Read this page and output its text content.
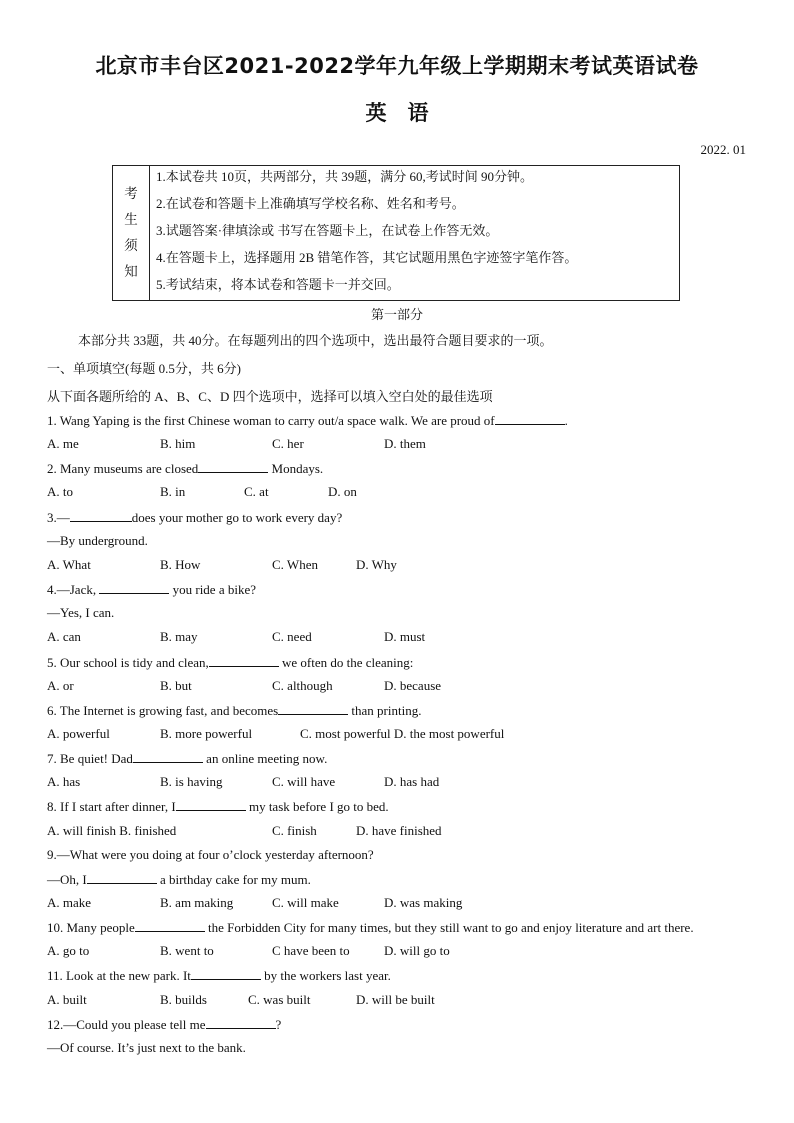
北京市丰台区2021-2022学年九年级上学期期末考试英语试卷
英　语
2022. 01
考
生
须
知
1.本试卷共 10页，共两部分，共 39题，满分 60,考试时间 90分钟。
2.在试卷和答题卡上准确填写学校名称、姓名和考号。
3.试题答案·律填涂或 书写在答题卡上，在试卷上作答无效。
4.在答题卡上，选择题用 2B 错笔作答，其它试题用黑色字迹签字笔作答。
5.考试结束，将本试卷和答题卡一并交回。
第一部分
本部分共 33题，共 40分。在每题列出的四个选项中，选出最符合题目要求的一项。
一、单项填空(每题 0.5分，共 6分)
从下面各题所给的 A、B、C、D 四个选项中，选择可以填入空白处的最佳选项
1. Wang Yaping is the first Chinese woman to carry out/a space walk. We are proud of	.
A. me	B. him	C. her	D. them
2. Many museums are closed	Mondays.
A. to	B. in	C. at	D. on
3.—	does your mother go to work every day?
—By underground.
A. What	B. How	C. When	D. Why
4.—Jack,	you ride a bike?
—Yes, I can.
A. can	B. may	C. need	D. must
5. Our school is tidy and clean,	we often do the cleaning:
A. or	B. but	C. although	D. because
6. The Internet is growing fast, and becomes	than printing.
A. powerful	B. more powerful	C. most powerful D. the most powerful
7. Be quiet! Dad	an online meeting now.
A. has	B. is having	C. will have	D. has had
8. If I start after dinner, I	my task before I go to bed.
A. will finish B. finished	C. finish	D. have finished
9.—What were you doing at four o’clock yesterday afternoon?
—Oh, I	a birthday cake for my mum.
A. make	B. am making	C. will make	D. was making
10. Many people	the Forbidden City for many times, but they still want to go and enjoy literature and art there.
A. go to	B. went to	C have been to	D. will go to
11. Look at the new park. It	by the workers last year.
A. built	B. builds	C. was built	D. will be built
12.—Could you please tell me	?
—Of course. It’s just next to the bank.
